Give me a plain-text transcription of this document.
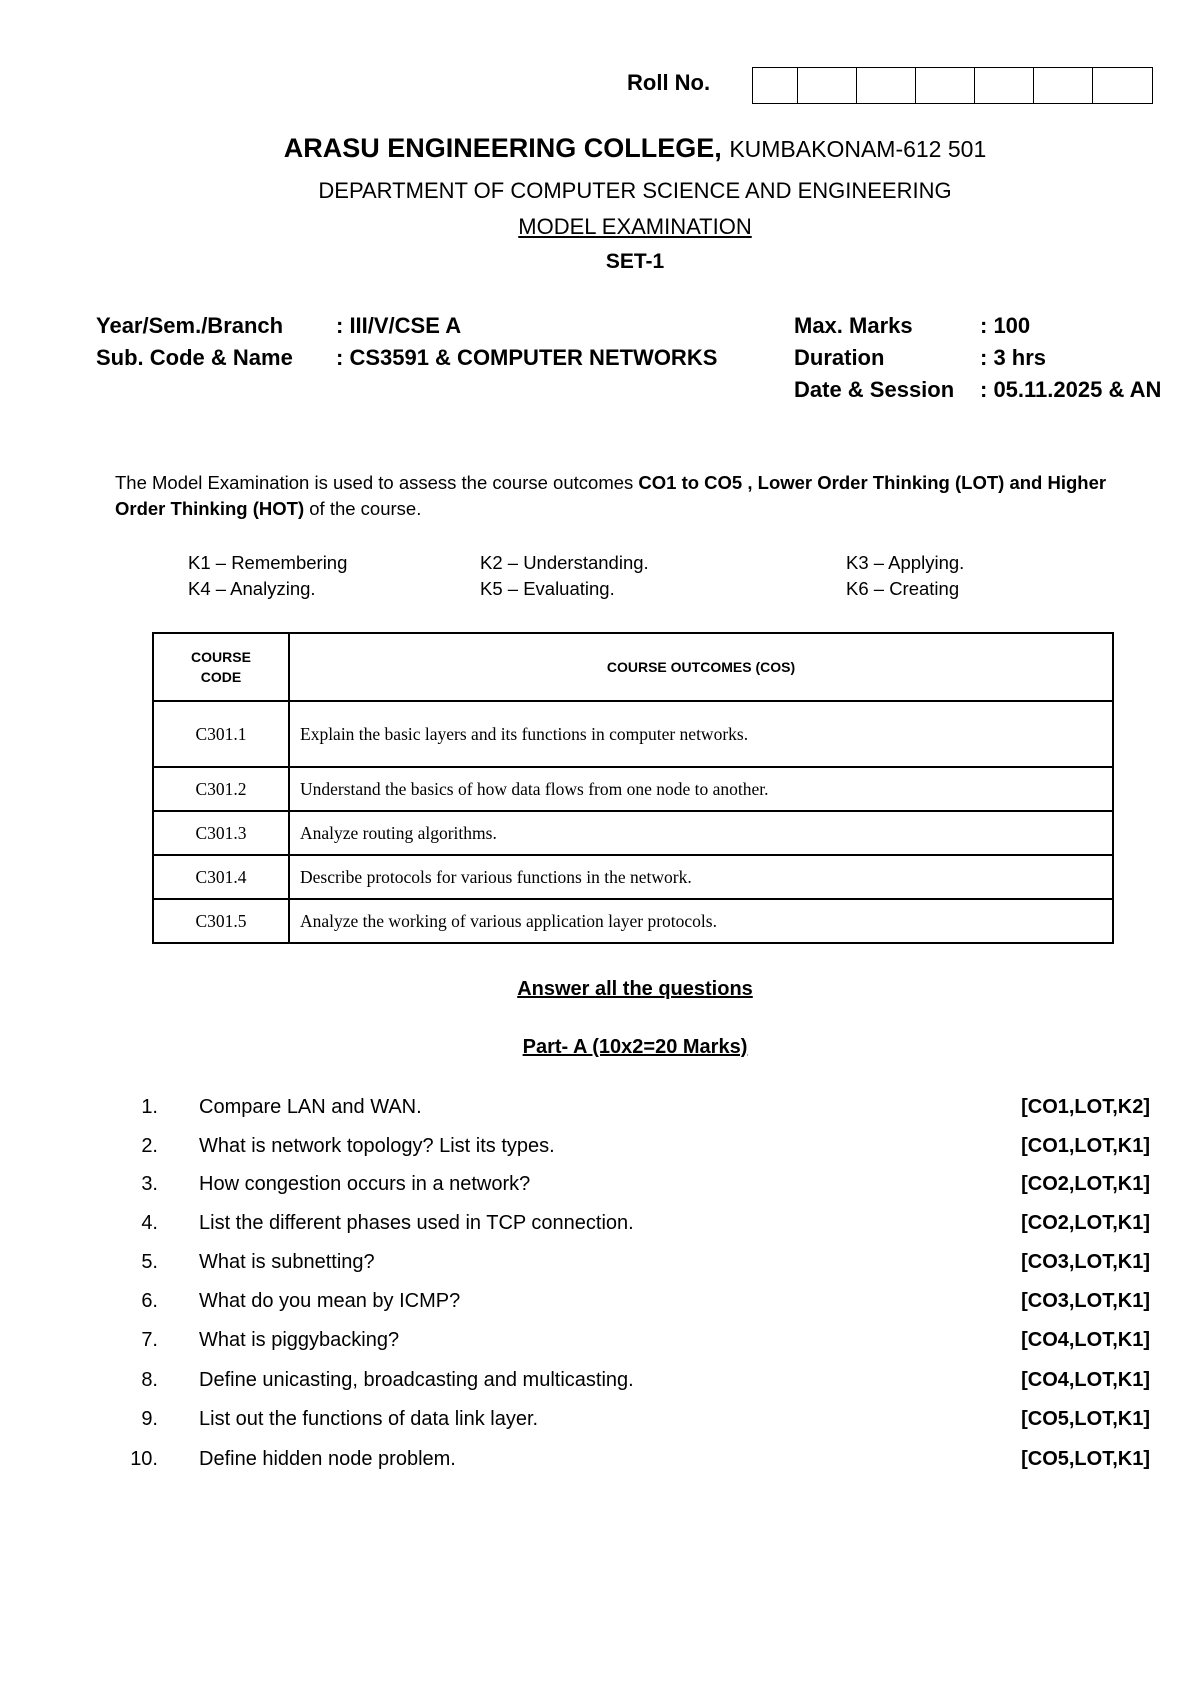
Roll No.
ARASU ENGINEERING COLLEGE, KUMBAKONAM-612 501
DEPARTMENT OF COMPUTER SCIENCE AND ENGINEERING
MODEL EXAMINATION
SET-1
Year/Sem./Branch : III/V/CSE A
Sub. Code & Name : CS3591 & COMPUTER NETWORKS
Max. Marks	: 100
Duration	: 3 hrs
Date & Session : 05.11.2025 & AN
The Model Examination is used to assess the course outcomes CO1 to CO5 , Lower Order Thinking (LOT) and Higher Order Thinking (HOT) of the course.
K1 – Remembering	K2 – Understanding.	K3 – Applying.
K4 – Analyzing.	K5 – Evaluating.	K6 – Creating
COURSE CODE	COURSE OUTCOMES (COS)
C301.1	Explain the basic layers and its functions in computer networks.
C301.2	Understand the basics of how data flows from one node to another.
C301.3	Analyze routing algorithms.
C301.4	Describe protocols for various functions in the network.
C301.5	Analyze the working of various application layer protocols.
Answer all the questions
Part- A (10x2=20 Marks)
1. Compare LAN and WAN.	[CO1,LOT,K2]
2. What is network topology? List its types.	[CO1,LOT,K1]
3. How congestion occurs in a network?	[CO2,LOT,K1]
4. List the different phases used in TCP connection.	[CO2,LOT,K1]
5. What is subnetting?	[CO3,LOT,K1]
6. What do you mean by ICMP?	[CO3,LOT,K1]
7. What is piggybacking?	[CO4,LOT,K1]
8. Define unicasting, broadcasting and multicasting.	[CO4,LOT,K1]
9. List out the functions of data link layer.	[CO5,LOT,K1]
10. Define hidden node problem.	[CO5,LOT,K1]
